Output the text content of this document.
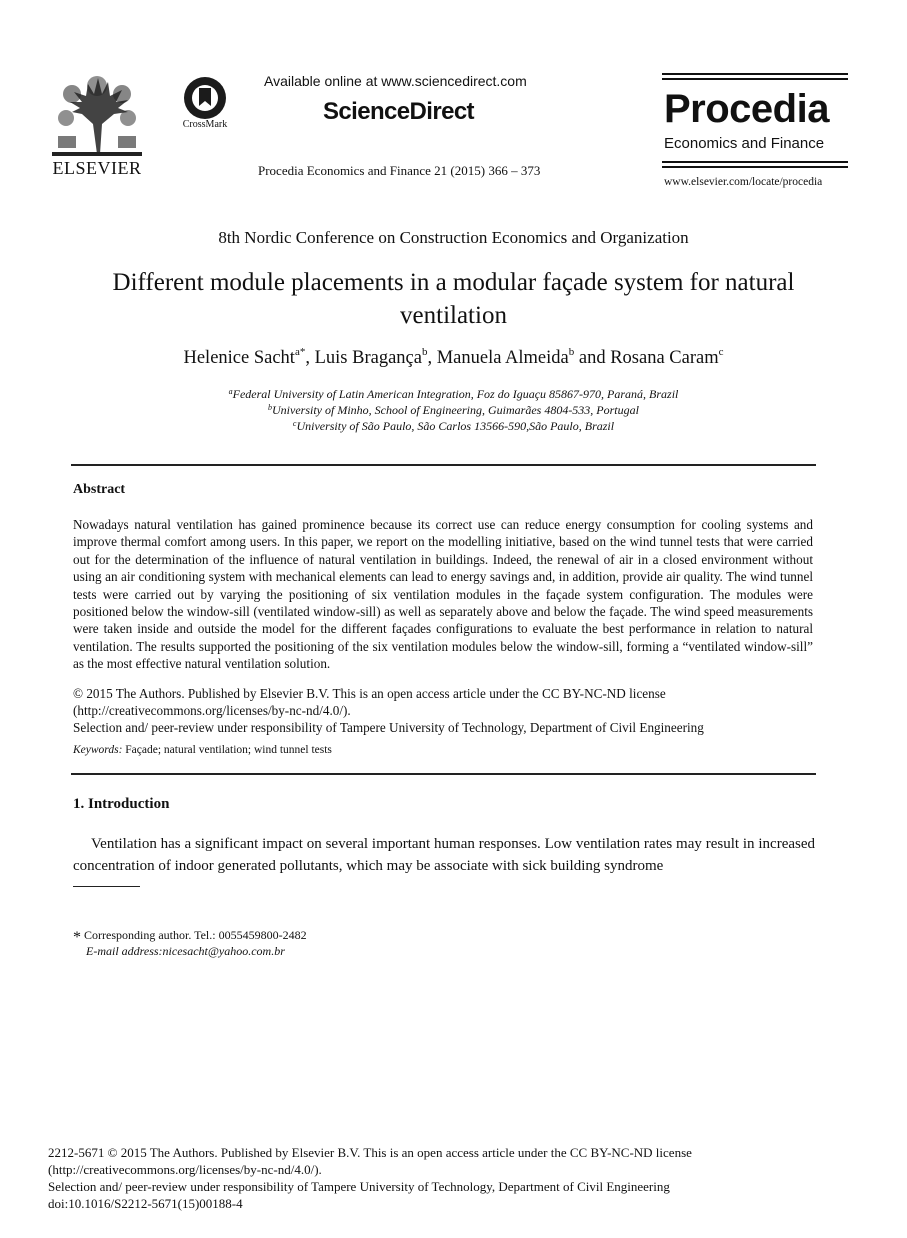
ELSEVIER
CrossMark
Available online at www.sciencedirect.com
ScienceDirect
Procedia Economics and Finance 21 (2015) 366 – 373
Procedia
Economics and Finance
www.elsevier.com/locate/procedia
8th Nordic Conference on Construction Economics and Organization
Different module placements in a modular façade system for natural
ventilation
Helenice Sacht$^{a*}$, Luis Bragança$^b$, Manuela Almeida$^b$ and Rosana Caram$^c$
$^a$Federal University of Latin American Integration, Foz do Iguaçu 85867-970, Paraná, Brazil
$^b$University of Minho, School of Engineering, Guimarães 4804-533, Portugal
$^c$University of São Paulo, São Carlos 13566-590,São Paulo, Brazil
Abstract
Nowadays natural ventilation has gained prominence because its correct use can reduce energy consumption for cooling systems and improve thermal comfort among users. In this paper, we report on the modelling initiative, based on the wind tunnel tests that were carried out for the determination of the influence of natural ventilation in buildings. Indeed, the renewal of air in a closed environment without using an air conditioning system with mechanical elements can lead to energy savings and, in addition, provide air quality. The wind tunnel tests were carried out by varying the positioning of six ventilation modules in the façade system configuration. The modules were positioned below the window-sill (ventilated window-sill) as well as separately above and below the façade. The wind speed measurements were taken inside and outside the model for the different façades configurations to evaluate the best performance in relation to natural ventilation. The results supported the positioning of the six ventilation modules below the window-sill, forming a “ventilated window-sill” as the most effective natural ventilation solution.
© 2015 The Authors. Published by Elsevier B.V. This is an open access article under the CC BY-NC-ND license
(http://creativecommons.org/licenses/by-nc-nd/4.0/).
Selection and/ peer-review under responsibility of Tampere University of Technology, Department of Civil Engineering
Keywords: Façade; natural ventilation; wind tunnel tests
1. Introduction
Ventilation has a significant impact on several important human responses. Low ventilation rates may result in increased concentration of indoor generated pollutants, which may be associate with sick building syndrome
* Corresponding author. Tel.: 0055459800-2482
E-mail address:nicesacht@yahoo.com.br
2212-5671 © 2015 The Authors. Published by Elsevier B.V. This is an open access article under the CC BY-NC-ND license
(http://creativecommons.org/licenses/by-nc-nd/4.0/).
Selection and/ peer-review under responsibility of Tampere University of Technology, Department of Civil Engineering
doi:10.1016/S2212-5671(15)00188-4
